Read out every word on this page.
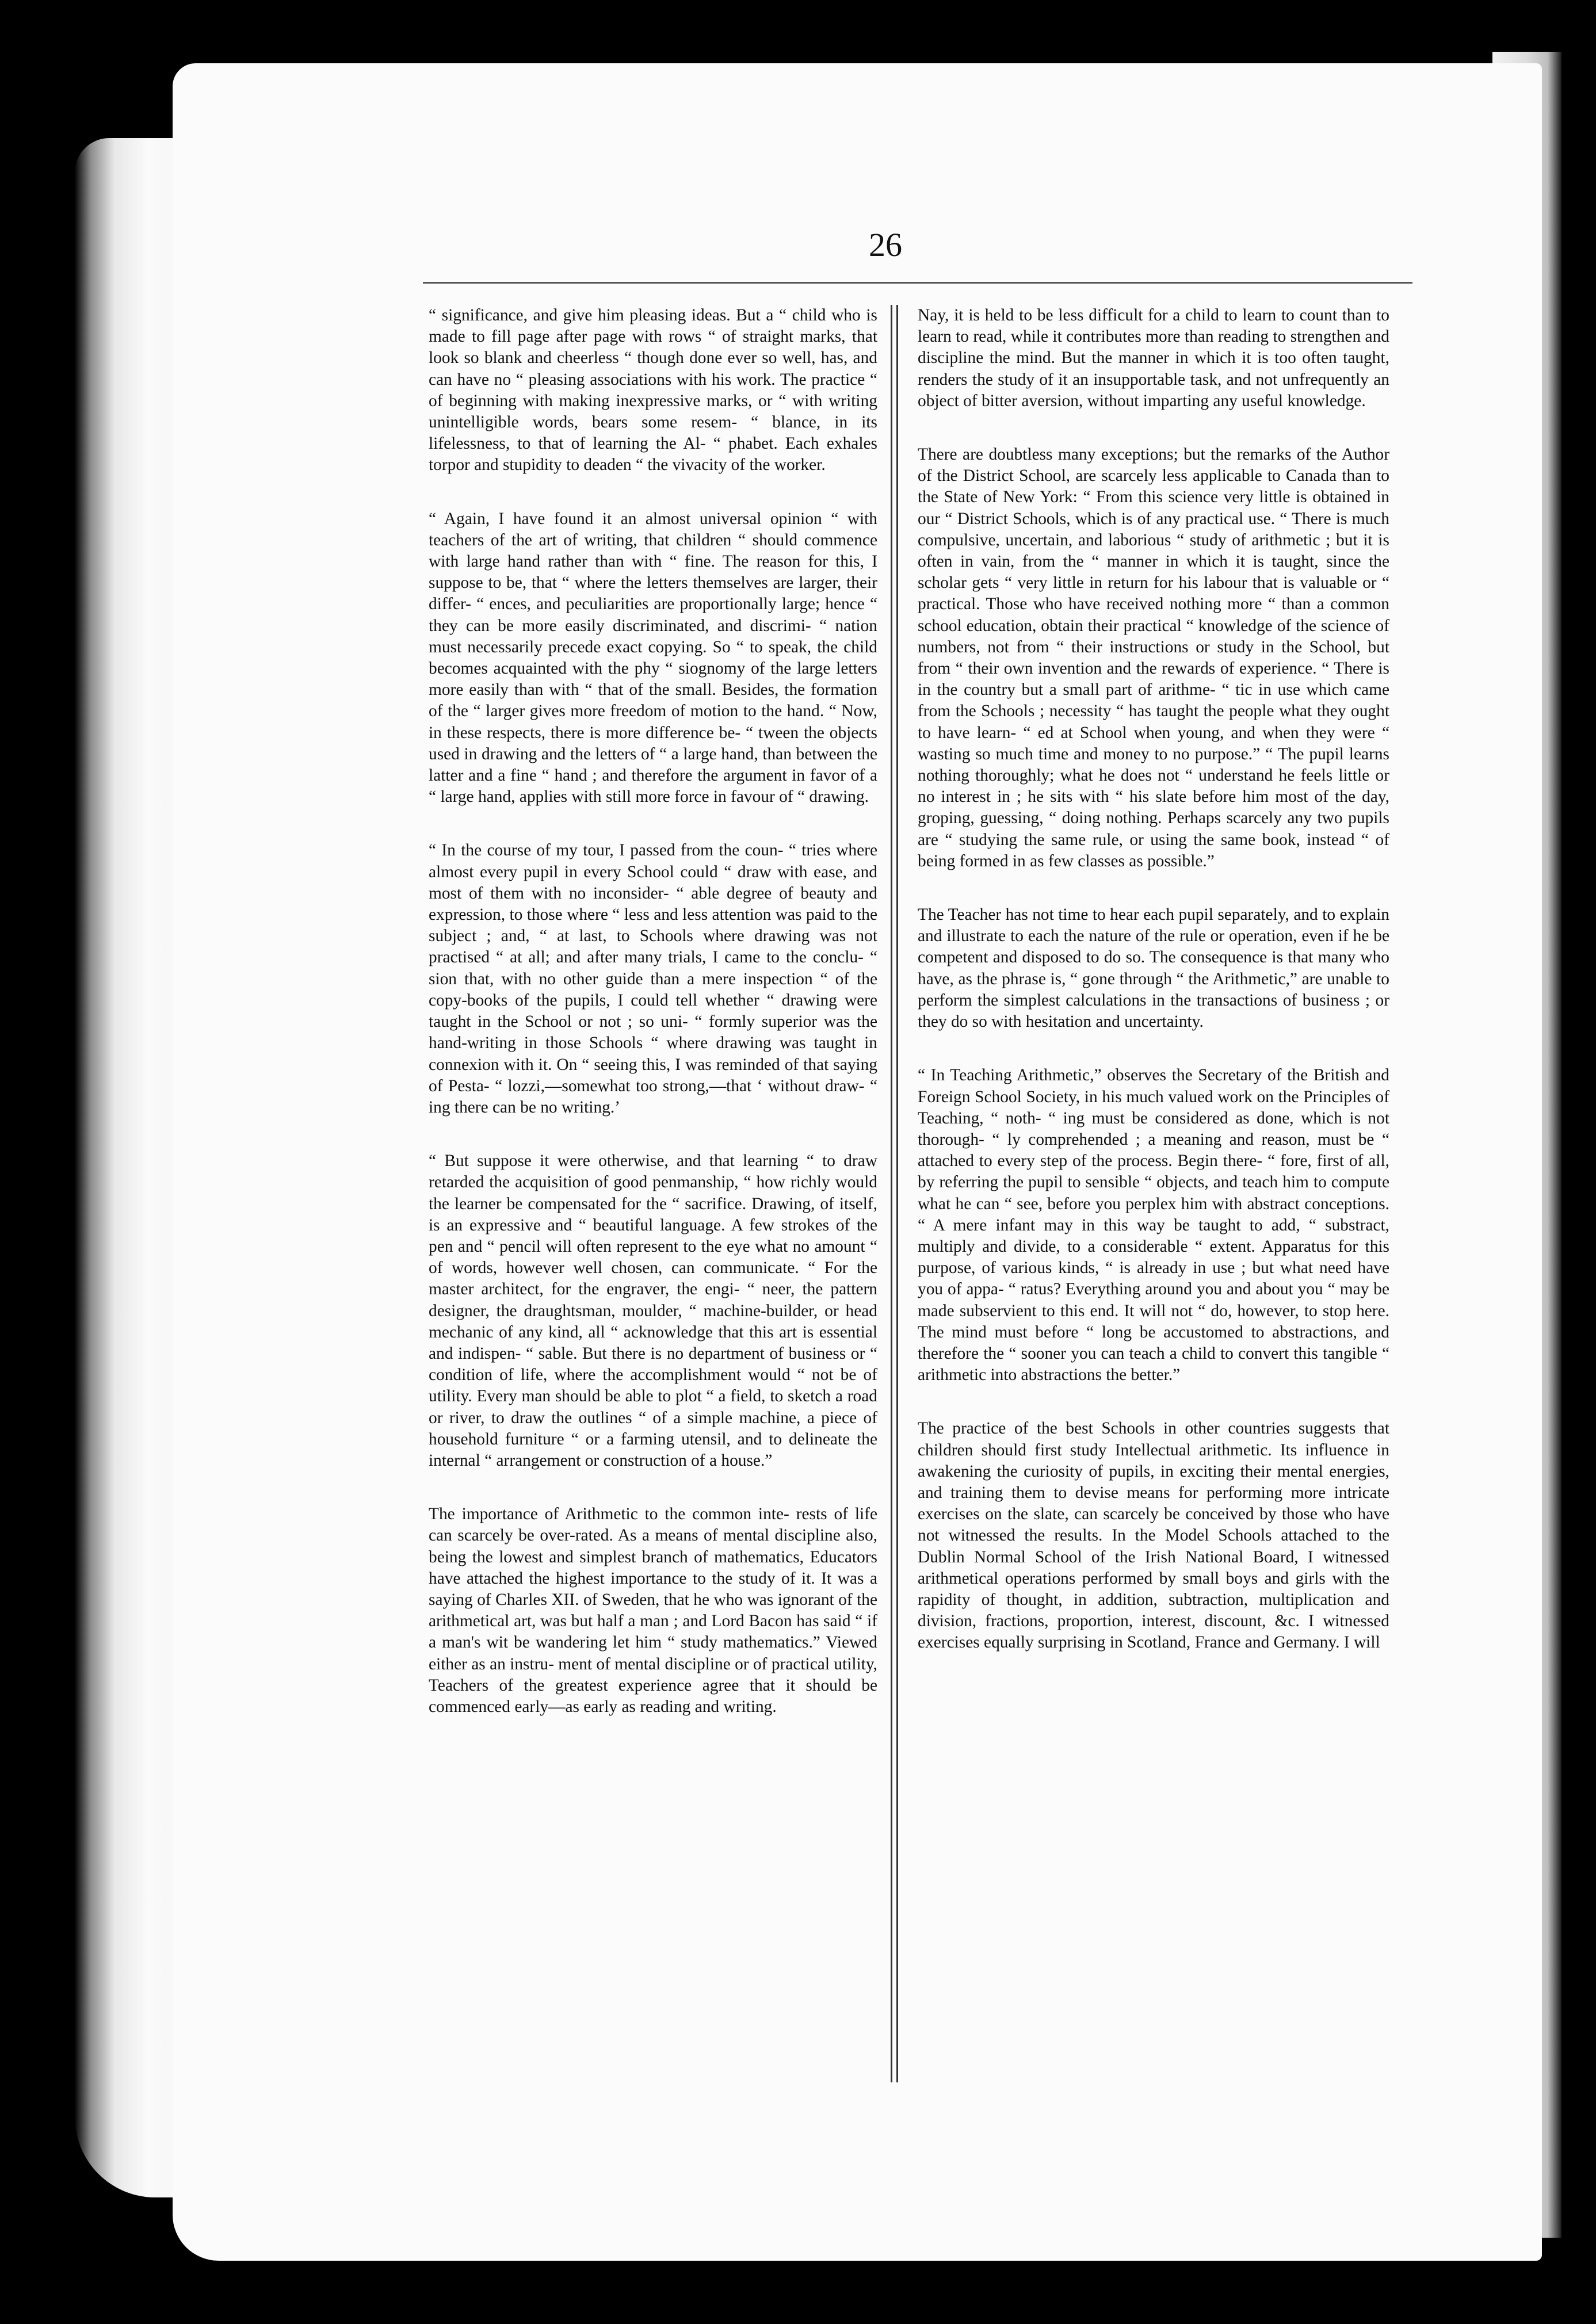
26

“ significance, and give him pleasing ideas. But a “ child who is made to fill page after page with rows “ of straight marks, that look so blank and cheerless “ though done ever so well, has, and can have no “ pleasing associations with his work. The practice “ of beginning with making inexpressive marks, or “ with writing unintelligible words, bears some resem- “ blance, in its lifelessness, to that of learning the Al- “ phabet. Each exhales torpor and stupidity to deaden “ the vivacity of the worker.

“ Again, I have found it an almost universal opinion “ with teachers of the art of writing, that children “ should commence with large hand rather than with “ fine. The reason for this, I suppose to be, that “ where the letters themselves are larger, their differ- “ ences, and peculiarities are proportionally large; hence “ they can be more easily discriminated, and discrimi- “ nation must necessarily precede exact copying. So “ to speak, the child becomes acquainted with the phy “ siognomy of the large letters more easily than with “ that of the small. Besides, the formation of the “ larger gives more freedom of motion to the hand. “ Now, in these respects, there is more difference be- “ tween the objects used in drawing and the letters of “ a large hand, than between the latter and a fine “ hand ; and therefore the argument in favor of a “ large hand, applies with still more force in favour of “ drawing.

“ In the course of my tour, I passed from the coun- “ tries where almost every pupil in every School could “ draw with ease, and most of them with no inconsider- “ able degree of beauty and expression, to those where “ less and less attention was paid to the subject ; and, “ at last, to Schools where drawing was not practised “ at all; and after many trials, I came to the conclu- “ sion that, with no other guide than a mere inspection “ of the copy-books of the pupils, I could tell whether “ drawing were taught in the School or not ; so uni- “ formly superior was the hand-writing in those Schools “ where drawing was taught in connexion with it. On “ seeing this, I was reminded of that saying of Pesta- “ lozzi,—somewhat too strong,—that ‘ without draw- “ ing there can be no writing.’

“ But suppose it were otherwise, and that learning “ to draw retarded the acquisition of good penmanship, “ how richly would the learner be compensated for the “ sacrifice. Drawing, of itself, is an expressive and “ beautiful language. A few strokes of the pen and “ pencil will often represent to the eye what no amount “ of words, however well chosen, can communicate. “ For the master architect, for the engraver, the engi- “ neer, the pattern designer, the draughtsman, moulder, “ machine-builder, or head mechanic of any kind, all “ acknowledge that this art is essential and indispen- “ sable. But there is no department of business or “ condition of life, where the accomplishment would “ not be of utility. Every man should be able to plot “ a field, to sketch a road or river, to draw the outlines “ of a simple machine, a piece of household furniture “ or a farming utensil, and to delineate the internal “ arrangement or construction of a house.”

The importance of Arithmetic to the common inte- rests of life can scarcely be over-rated. As a means of mental discipline also, being the lowest and simplest branch of mathematics, Educators have attached the highest importance to the study of it. It was a saying of Charles XII. of Sweden, that he who was ignorant of the arithmetical art, was but half a man ; and Lord Bacon has said “ if a man's wit be wandering let him “ study mathematics.” Viewed either as an instru- ment of mental discipline or of practical utility, Teachers of the greatest experience agree that it should be commenced early—as early as reading and writing.

Nay, it is held to be less difficult for a child to learn to count than to learn to read, while it contributes more than reading to strengthen and discipline the mind. But the manner in which it is too often taught, renders the study of it an insupportable task, and not unfrequently an object of bitter aversion, without imparting any useful knowledge.

There are doubtless many exceptions; but the remarks of the Author of the District School, are scarcely less applicable to Canada than to the State of New York: “ From this science very little is obtained in our “ District Schools, which is of any practical use. “ There is much compulsive, uncertain, and laborious “ study of arithmetic ; but it is often in vain, from the “ manner in which it is taught, since the scholar gets “ very little in return for his labour that is valuable or “ practical. Those who have received nothing more “ than a common school education, obtain their practical “ knowledge of the science of numbers, not from “ their instructions or study in the School, but from “ their own invention and the rewards of experience. “ There is in the country but a small part of arithme- “ tic in use which came from the Schools ; necessity “ has taught the people what they ought to have learn- “ ed at School when young, and when they were “ wasting so much time and money to no purpose.” “ The pupil learns nothing thoroughly; what he does not “ understand he feels little or no interest in ; he sits with “ his slate before him most of the day, groping, guessing, “ doing nothing. Perhaps scarcely any two pupils are “ studying the same rule, or using the same book, instead “ of being formed in as few classes as possible.”

The Teacher has not time to hear each pupil separately, and to explain and illustrate to each the nature of the rule or operation, even if he be competent and disposed to do so. The consequence is that many who have, as the phrase is, “ gone through “ the Arithmetic,” are unable to perform the simplest calculations in the transactions of business ; or they do so with hesitation and uncertainty.

“ In Teaching Arithmetic,” observes the Secretary of the British and Foreign School Society, in his much valued work on the Principles of Teaching, “ noth- “ ing must be considered as done, which is not thorough- “ ly comprehended ; a meaning and reason, must be “ attached to every step of the process. Begin there- “ fore, first of all, by referring the pupil to sensible “ objects, and teach him to compute what he can “ see, before you perplex him with abstract conceptions. “ A mere infant may in this way be taught to add, “ substract, multiply and divide, to a considerable “ extent. Apparatus for this purpose, of various kinds, “ is already in use ; but what need have you of appa- “ ratus? Everything around you and about you “ may be made subservient to this end. It will not “ do, however, to stop here. The mind must before “ long be accustomed to abstractions, and therefore the “ sooner you can teach a child to convert this tangible “ arithmetic into abstractions the better.”

The practice of the best Schools in other countries suggests that children should first study Intellectual arithmetic. Its influence in awakening the curiosity of pupils, in exciting their mental energies, and training them to devise means for performing more intricate exercises on the slate, can scarcely be conceived by those who have not witnessed the results. In the Model Schools attached to the Dublin Normal School of the Irish National Board, I witnessed arithmetical operations performed by small boys and girls with the rapidity of thought, in addition, subtraction, multiplication and division, fractions, proportion, interest, discount, &c. I witnessed exercises equally surprising in Scotland, France and Germany. I will
